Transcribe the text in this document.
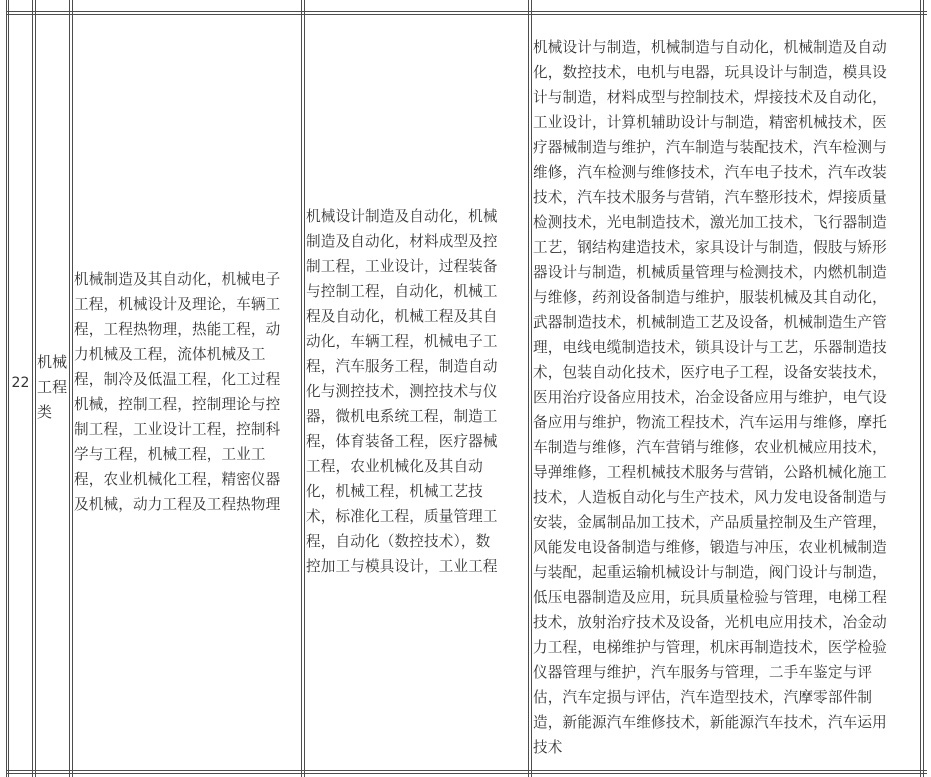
22
机械
工程
类
机械制造及其自动化，机械电子
工程，机械设计及理论，车辆工
程，工程热物理，热能工程，动
力机械及工程，流体机械及工
程，制冷及低温工程，化工过程
机械，控制工程，控制理论与控
制工程，工业设计工程，控制科
学与工程，机械工程，工业工
程，农业机械化工程，精密仪器
及机械，动力工程及工程热物理
机械设计制造及自动化，机械
制造及自动化，材料成型及控
制工程，工业设计，过程装备
与控制工程，自动化，机械工
程及自动化，机械工程及其自
动化，车辆工程，机械电子工
程，汽车服务工程，制造自动
化与测控技术，测控技术与仪
器，微机电系统工程，制造工
程，体育装备工程，医疗器械
工程，农业机械化及其自动
化，机械工程，机械工艺技
术，标准化工程，质量管理工
程，自动化（数控技术），数
控加工与模具设计，工业工程
机械设计与制造，机械制造与自动化，机械制造及自动
化，数控技术，电机与电器，玩具设计与制造，模具设
计与制造，材料成型与控制技术，焊接技术及自动化，
工业设计，计算机辅助设计与制造，精密机械技术，医
疗器械制造与维护，汽车制造与装配技术，汽车检测与
维修，汽车检测与维修技术，汽车电子技术，汽车改装
技术，汽车技术服务与营销，汽车整形技术，焊接质量
检测技术，光电制造技术，激光加工技术，飞行器制造
工艺，钢结构建造技术，家具设计与制造，假肢与矫形
器设计与制造，机械质量管理与检测技术，内燃机制造
与维修，药剂设备制造与维护，服装机械及其自动化，
武器制造技术，机械制造工艺及设备，机械制造生产管
理，电线电缆制造技术，锁具设计与工艺，乐器制造技
术，包装自动化技术，医疗电子工程，设备安装技术，
医用治疗设备应用技术，冶金设备应用与维护，电气设
备应用与维护，物流工程技术，汽车运用与维修，摩托
车制造与维修，汽车营销与维修，农业机械应用技术，
导弹维修，工程机械技术服务与营销，公路机械化施工
技术，人造板自动化与生产技术，风力发电设备制造与
安装，金属制品加工技术，产品质量控制及生产管理，
风能发电设备制造与维修，锻造与冲压，农业机械制造
与装配，起重运输机械设计与制造，阀门设计与制造，
低压电器制造及应用，玩具质量检验与管理，电梯工程
技术，放射治疗技术及设备，光机电应用技术，冶金动
力工程，电梯维护与管理，机床再制造技术，医学检验
仪器管理与维护，汽车服务与管理，二手车鉴定与评
估，汽车定损与评估，汽车造型技术，汽摩零部件制
造，新能源汽车维修技术，新能源汽车技术，汽车运用
技术
